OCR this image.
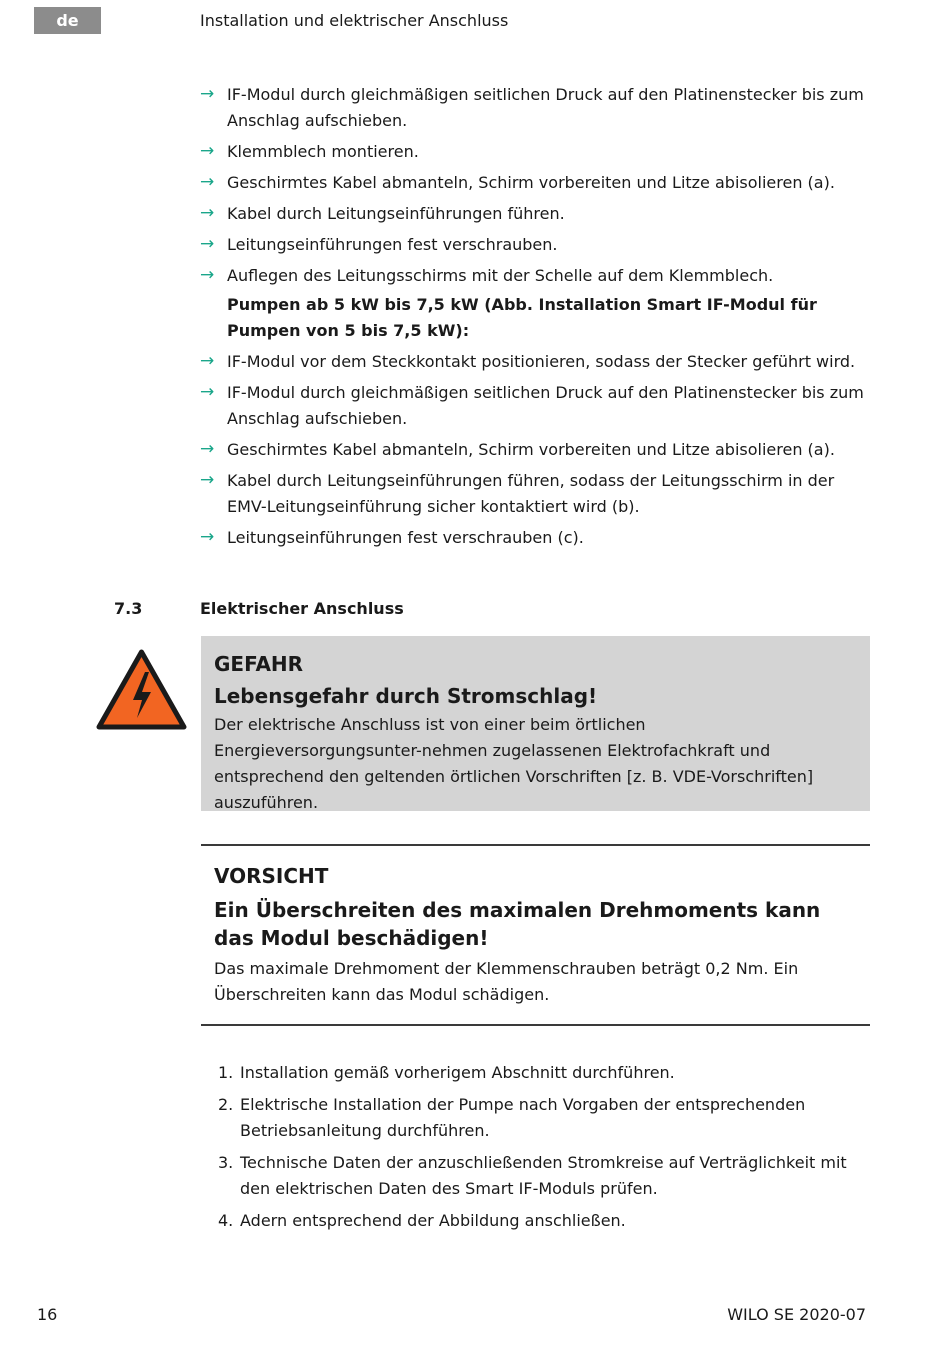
de	Installation und elektrischer Anschluss
→ IF-Modul durch gleichmäßigen seitlichen Druck auf den Platinenstecker bis zum Anschlag aufschieben.
→ Klemmblech montieren.
→ Geschirmtes Kabel abmanteln, Schirm vorbereiten und Litze abisolieren (a).
→ Kabel durch Leitungseinführungen führen.
→ Leitungseinführungen fest verschrauben.
→ Auflegen des Leitungsschirms mit der Schelle auf dem Klemmblech.
Pumpen ab 5 kW bis 7,5 kW (Abb. Installation Smart IF-Modul für Pumpen von 5 bis 7,5 kW):
→ IF-Modul vor dem Steckkontakt positionieren, sodass der Stecker geführt wird.
→ IF-Modul durch gleichmäßigen seitlichen Druck auf den Platinenstecker bis zum Anschlag aufschieben.
→ Geschirmtes Kabel abmanteln, Schirm vorbereiten und Litze abisolieren (a).
→ Kabel durch Leitungseinführungen führen, sodass der Leitungsschirm in der EMV-Leitungseinführung sicher kontaktiert wird (b).
→ Leitungseinführungen fest verschrauben (c).
7.3	Elektrischer Anschluss

GEFAHR

Lebensgefahr durch Stromschlag!

Der elektrische Anschluss ist von einer beim örtlichen Energieversorgungsunter-nehmen zugelassenen Elektrofachkraft und entsprechend den geltenden örtlichen Vorschriften [z. B. VDE-Vorschriften] auszuführen.

VORSICHT

Ein Überschreiten des maximalen Drehmoments kann das Modul beschädigen!

Das maximale Drehmoment der Klemmenschrauben beträgt 0,2 Nm. Ein Überschreiten kann das Modul schädigen.

1. Installation gemäß vorherigem Abschnitt durchführen.
2. Elektrische Installation der Pumpe nach Vorgaben der entsprechenden Betriebsanleitung durchführen.
3. Technische Daten der anzuschließenden Stromkreise auf Verträglichkeit mit den elektrischen Daten des Smart IF-Moduls prüfen.
4. Adern entsprechend der Abbildung anschließen.
16	WILO SE 2020-07
